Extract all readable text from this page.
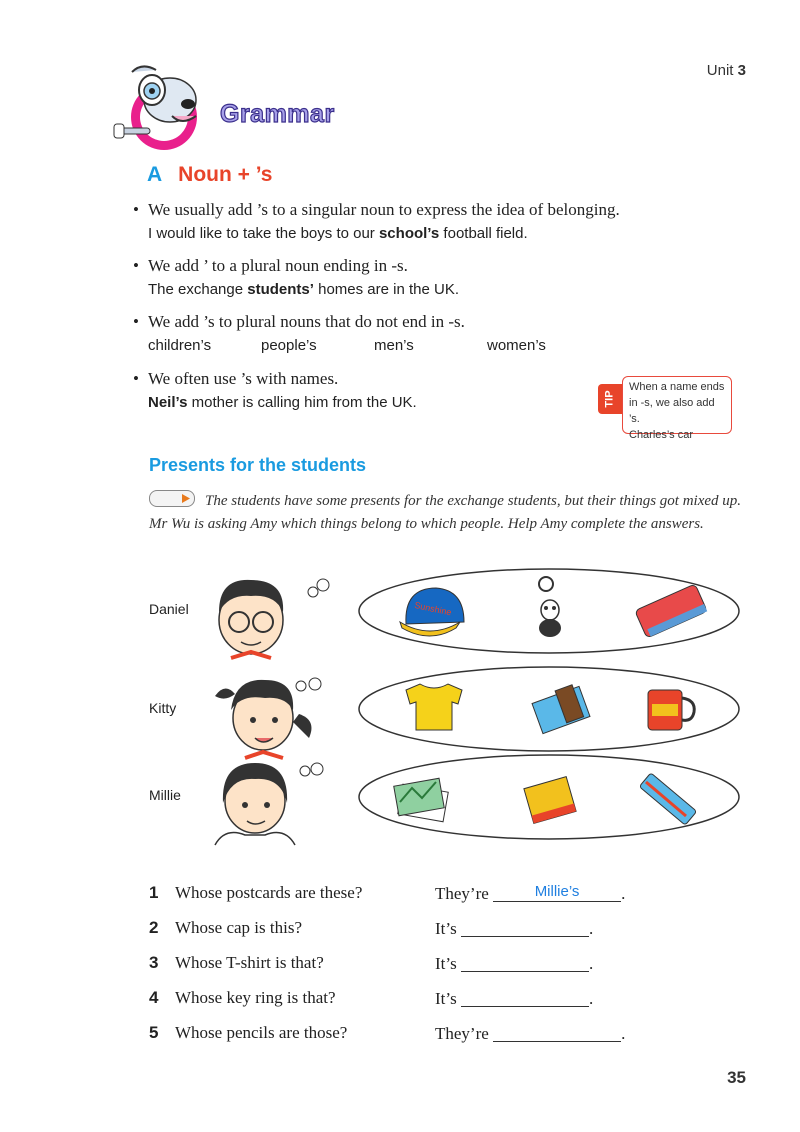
Unit 3
Grammar
A Noun + ’s
• We usually add ’s to a singular noun to express the idea of belonging.
I would like to take the boys to our school’s football field.
• We add ’ to a plural noun ending in -s.
The exchange students’ homes are in the UK.
• We add ’s to plural nouns that do not end in -s.
children’s	people’s	men’s	women’s
• We often use ’s with names.
Neil’s mother is calling him from the UK.	TIP
When a name ends
in -s, we also add ’s.
Charles’s car
Presents for the students
The students have some presents for the exchange students, but their things got mixed up. Mr Wu is asking Amy which things belong to which people. Help Amy complete the answers.
Daniel
Kitty
Millie
Sunshine
1 Whose postcards are these?	They’re	Millie’s	.
2 Whose cap is this?	It’s	.
3 Whose T-shirt is that?	It’s	.
4 Whose key ring is that?	It’s	.
5 Whose pencils are those?	They’re	.
35
